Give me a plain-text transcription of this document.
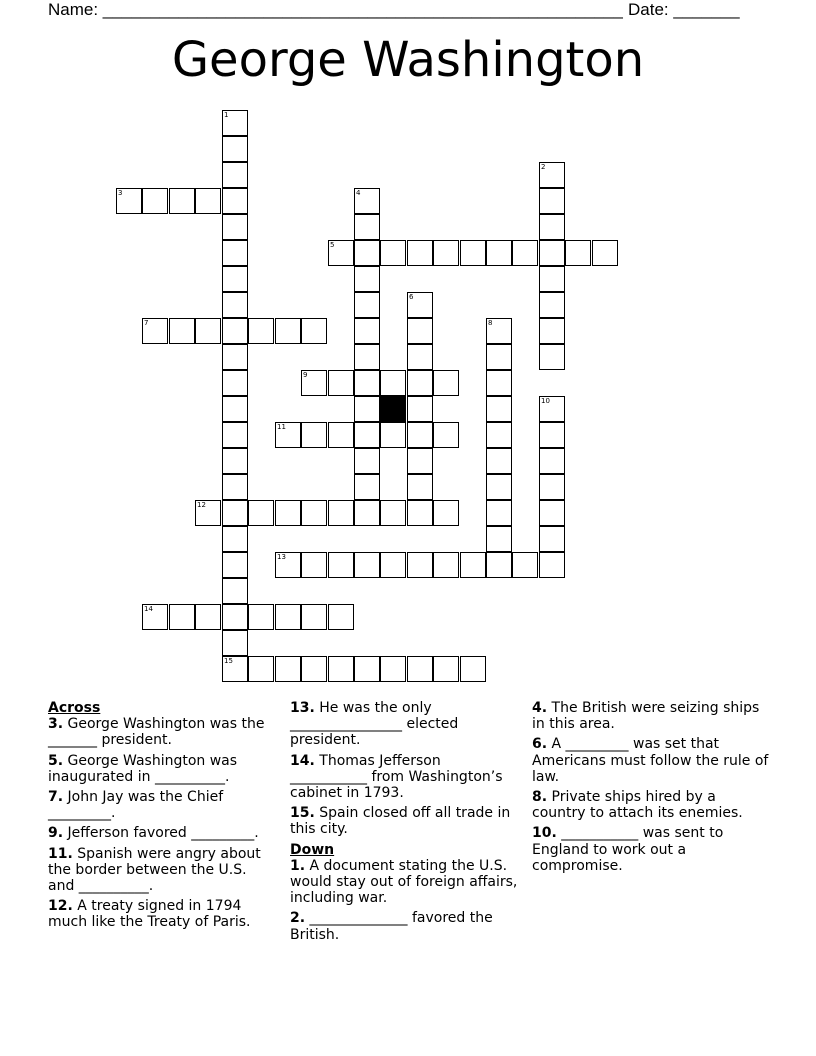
Name: _______________________________________________________ Date: _______
George Washington
1
15
2
3	4
5
6
7	8
9
10
11
12
13
14
Across
3. George Washington was the _______ president.
5. George Washington was inaugurated in __________.
7. John Jay was the Chief _________.
9. Jefferson favored _________.
11. Spanish were angry about the border between the U.S. and __________.
12. A treaty signed in 1794 much like the Treaty of Paris.
13. He was the only ________________ elected president.
14. Thomas Jefferson ___________ from Washington’s cabinet in 1793.
15. Spain closed off all trade in this city.
Down
1. A document stating the U.S. would stay out of foreign affairs, including war.
2. ______________ favored the British.
4. The British were seizing ships in this area.
6. A _________ was set that Americans must follow the rule of law.
8. Private ships hired by a country to attach its enemies.
10. ___________ was sent to England to work out a compromise.
